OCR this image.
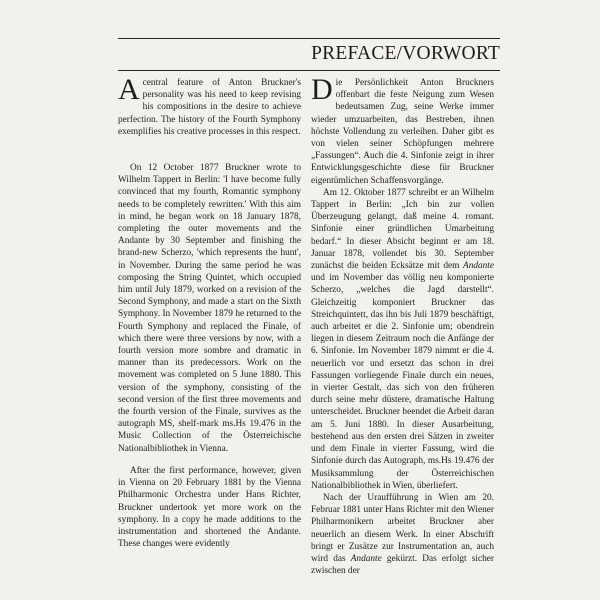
PREFACE/VORWORT

Acentral feature of Anton Bruckner's personality was his need to keep revising his compositions in the desire to achieve perfection. The history of the Fourth Symphony exemplifies his creative processes in this respect.

On 12 October 1877 Bruckner wrote to Wilhelm Tappert in Berlin: 'I have become fully convinced that my fourth, Romantic symphony needs to be completely rewritten.' With this aim in mind, he began work on 18 January 1878, completing the outer movements and the Andante by 30 September and finishing the brand-new Scherzo, 'which represents the hunt', in November. During the same period he was composing the String Quintet, which occupied him until July 1879, worked on a revision of the Second Symphony, and made a start on the Sixth Symphony. In November 1879 he returned to the Fourth Symphony and replaced the Finale, of which there were three versions by now, with a fourth version more sombre and dramatic in manner than its predecessors. Work on the movement was completed on 5 June 1880. This version of the symphony, consisting of the second version of the first three movements and the fourth version of the Finale, survives as the autograph MS, shelf-mark ms.Hs 19.476 in the Music Collection of the Österreichische Nationalbibliothek in Vienna.

After the first performance, however, given in Vienna on 20 February 1881 by the Vienna Philharmonic Orchestra under Hans Richter, Bruckner undertook yet more work on the symphony. In a copy he made additions to the instrumentation and shortened the Andante. These changes were evidently

Die Persönlichkeit Anton Bruckners offenbart die feste Neigung zum Wesen bedeutsamen Zug, seine Werke immer wieder umzuarbeiten, das Bestreben, ihnen höchste Vollendung zu verleihen. Daher gibt es von vielen seiner Schöpfungen mehrere „Fassungen“. Auch die 4. Sinfonie zeigt in ihrer Entwicklungsgeschichte diese für Bruckner eigentümlichen Schaffensvorgänge.

Am 12. Oktober 1877 schreibt er an Wilhelm Tappert in Berlin: „Ich bin zur vollen Überzeugung gelangt, daß meine 4. romant. Sinfonie einer gründlichen Umarbeitung bedarf.“ In dieser Absicht beginnt er am 18. Januar 1878, vollendet bis 30. September zunächst die beiden Ecksätze mit dem Andante und im November das völlig neu komponierte Scherzo, „welches die Jagd darstellt“. Gleichzeitig komponiert Bruckner das Streichquintett, das ihn bis Juli 1879 beschäftigt, auch arbeitet er die 2. Sinfonie um; obendrein liegen in diesem Zeitraum noch die Anfänge der 6. Sinfonie. Im November 1879 nimmt er die 4. neuerlich vor und ersetzt das schon in drei Fassungen vorliegende Finale durch ein neues, in vierter Gestalt, das sich von den früheren durch seine mehr düstere, dramatische Haltung unterscheidet. Bruckner beendet die Arbeit daran am 5. Juni 1880. In dieser Ausarbeitung, bestehend aus den ersten drei Sätzen in zweiter und dem Finale in vierter Fassung, wird die Sinfonie durch das Autograph, ms.Hs 19.476 der Musiksammlung der Österreichischen Nationalbibliothek in Wien, überliefert.

Nach der Uraufführung in Wien am 20. Februar 1881 unter Hans Richter mit den Wiener Philharmonikern arbeitet Bruckner aber neuerlich an diesem Werk. In einer Abschrift bringt er Zusätze zur Instrumentation an, auch wird das Andante gekürzt. Das erfolgt sicher zwischen der
